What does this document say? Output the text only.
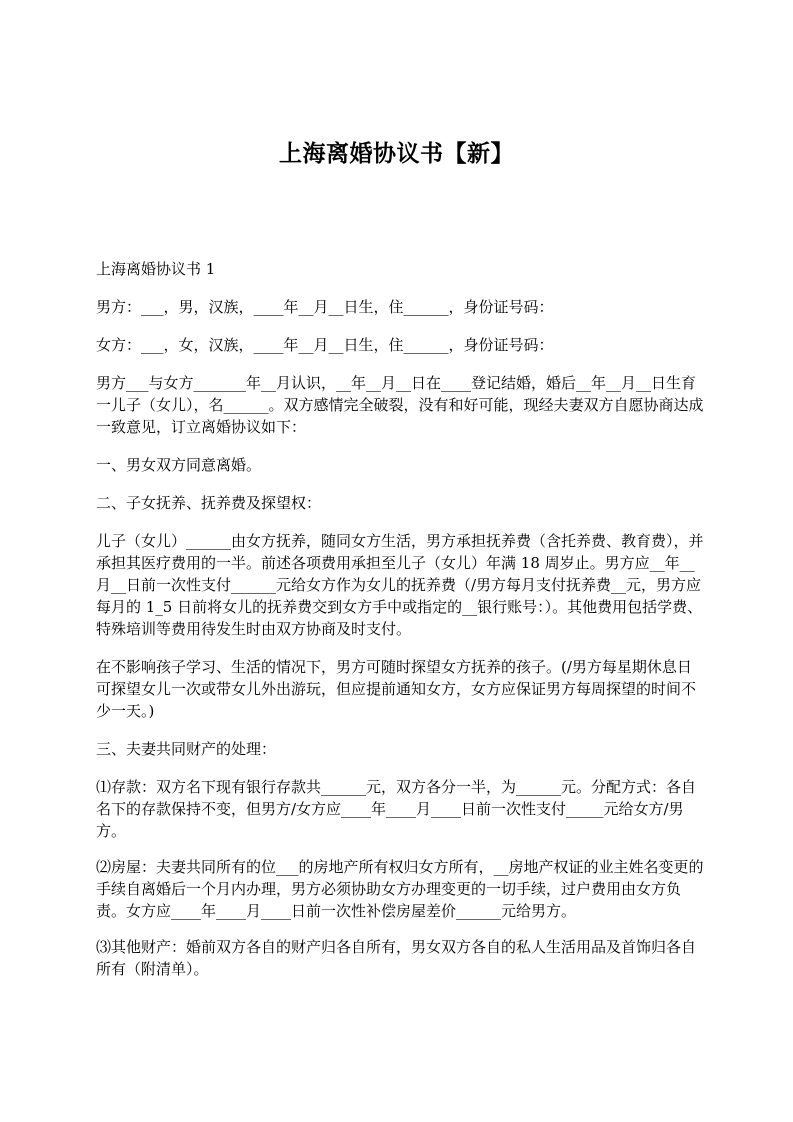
上海离婚协议书【新】

上海离婚协议书 1

男方：___，男，汉族，____年__月__日生，住______，身份证号码：

女方：___，女，汉族，____年__月__日生，住______，身份证号码：

男方___与女方_______年__月认识，__年__月__日在____登记结婚，婚后__年__月__日生育一儿子（女儿），名______。双方感情完全破裂，没有和好可能，现经夫妻双方自愿协商达成一致意见，订立离婚协议如下：

一、男女双方同意离婚。

二、子女抚养、抚养费及探望权：

儿子（女儿）______由女方抚养，随同女方生活，男方承担抚养费（含托养费、教育费），并承担其医疗费用的一半。前述各项费用承担至儿子（女儿）年满 18 周岁止。男方应__年__月__日前一次性支付______元给女方作为女儿的抚养费（/男方每月支付抚养费__元，男方应每月的 1_5 日前将女儿的抚养费交到女方手中或指定的__银行账号：）。其他费用包括学费、特殊培训等费用待发生时由双方协商及时支付。

在不影响孩子学习、生活的情况下，男方可随时探望女方抚养的孩子。(/男方每星期休息日可探望女儿一次或带女儿外出游玩，但应提前通知女方，女方应保证男方每周探望的时间不少一天。)

三、夫妻共同财产的处理：

⑴存款：双方名下现有银行存款共______元，双方各分一半，为______元。分配方式：各自名下的存款保持不变，但男方/女方应____年____月____日前一次性支付_____元给女方/男方。

⑵房屋：夫妻共同所有的位___的房地产所有权归女方所有，__房地产权证的业主姓名变更的手续自离婚后一个月内办理，男方必须协助女方办理变更的一切手续，过户费用由女方负责。女方应____年____月____日前一次性补偿房屋差价______元给男方。

⑶其他财产：婚前双方各自的财产归各自所有，男女双方各自的私人生活用品及首饰归各自所有（附清单）。
